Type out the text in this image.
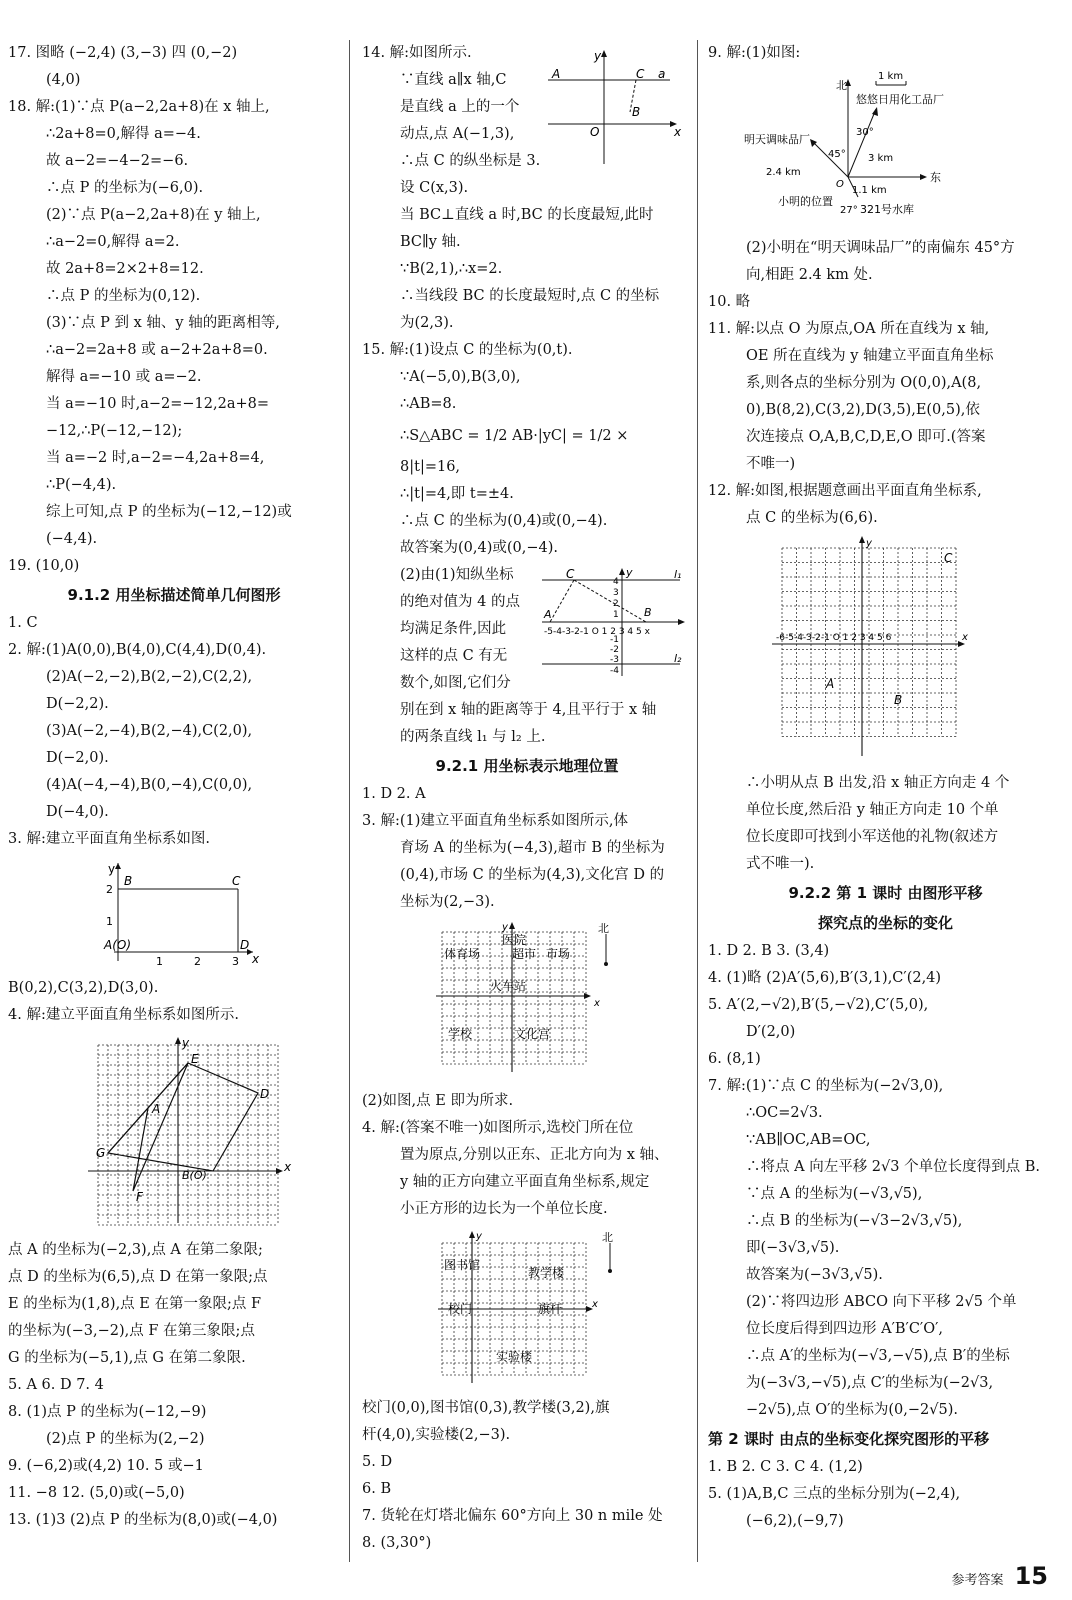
17. 图略 (−2,4) (3,−3) 四 (0,−2)
(4,0)
18. 解:(1)∵点 P(a−2,2a+8)在 x 轴上,
∴2a+8=0,解得 a=−4.
故 a−2=−4−2=−6.
∴点 P 的坐标为(−6,0).
(2)∵点 P(a−2,2a+8)在 y 轴上,
∴a−2=0,解得 a=2.
故 2a+8=2×2+8=12.
∴点 P 的坐标为(0,12).
(3)∵点 P 到 x 轴、y 轴的距离相等,
∴a−2=2a+8 或 a−2+2a+8=0.
解得 a=−10 或 a=−2.
当 a=−10 时,a−2=−12,2a+8=
−12,∴P(−12,−12);
当 a=−2 时,a−2=−4,2a+8=4,
∴P(−4,4).
综上可知,点 P 的坐标为(−12,−12)或
(−4,4).
19. (10,0)
9.1.2 用坐标描述简单几何图形
1. C
2. 解:(1)A(0,0),B(4,0),C(4,4),D(0,4).
(2)A(−2,−2),B(2,−2),C(2,2),
D(−2,2).
(3)A(−2,−4),B(2,−4),C(2,0),
D(−2,0).
(4)A(−4,−4),B(0,−4),C(0,0),
D(−4,0).
3. 解:建立平面直角坐标系如图.
y
B	C
2
1
A(O)	D
1	2	3 x
B(0,2),C(3,2),D(3,0).
4. 解:建立平面直角坐标系如图所示.
y
E
D
A
G
F
B(O)
x
点 A 的坐标为(−2,3),点 A 在第二象限;
点 D 的坐标为(6,5),点 D 在第一象限;点
E 的坐标为(1,8),点 E 在第一象限;点 F
的坐标为(−3,−2),点 F 在第三象限;点
G 的坐标为(−5,1),点 G 在第二象限.
5. A 6. D 7. 4
8. (1)点 P 的坐标为(−12,−9)
(2)点 P 的坐标为(2,−2)
9. (−6,2)或(4,2) 10. 5 或−1
11. −8 12. (5,0)或(−5,0)
13. (1)3 (2)点 P 的坐标为(8,0)或(−4,0)
y
A	C a
B
O	x
14. 解:如图所示.
∵直线 a∥x 轴,C
是直线 a 上的一个
动点,点 A(−1,3),
∴点 C 的纵坐标是 3.
设 C(x,3).
当 BC⊥直线 a 时,BC 的长度最短,此时
BC∥y 轴.
∵B(2,1),∴x=2.
∴当线段 BC 的长度最短时,点 C 的坐标
为(2,3).
15. 解:(1)设点 C 的坐标为(0,t).
∵A(−5,0),B(3,0),
∴AB=8.
∴S△ABC = 1/2 AB·|yC| = 1/2 ×
8|t|=16,
∴|t|=4,即 t=±4.
∴点 C 的坐标为(0,4)或(0,−4).
故答案为(0,4)或(0,−4).
C	y	l₁
l₂
B
A
-5-4-3-2-1 O 1 2 3 4 5 x
4
3
2
1
-1
-2
-3
-4
(2)由(1)知纵坐标
的绝对值为 4 的点
均满足条件,因此
这样的点 C 有无
数个,如图,它们分
别在到 x 轴的距离等于 4,且平行于 x 轴
的两条直线 l₁ 与 l₂ 上.
9.2.1 用坐标表示地理位置
1. D 2. A
3. 解:(1)建立平面直角坐标系如图所示,体
育场 A 的坐标为(−4,3),超市 B 的坐标为
(0,4),市场 C 的坐标为(4,3),文化宫 D 的
坐标为(2,−3).
y
x
北
体育场
医院
超市 市场
火车站
学校	文化宫
(2)如图,点 E 即为所求.
4. 解:(答案不唯一)如图所示,选校门所在位
置为原点,分别以正东、正北方向为 x 轴、
y 轴的正方向建立平面直角坐标系,规定
小正方形的边长为一个单位长度.
y
x
北
图书馆
教学楼
校门	旗杆
实验楼
校门(0,0),图书馆(0,3),教学楼(3,2),旗
杆(4,0),实验楼(2,−3).
5. D
6. B
7. 货轮在灯塔北偏东 60°方向上 30 n mile 处
8. (3,30°)
9. 解:(1)如图:
1 km
北
东
悠悠日用化工品厂
明天调味品厂
2.4 km
45°
30°
3 km
O
1.1 km
27° 321号水库
小明的位置
(2)小明在“明天调味品厂”的南偏东 45°方
向,相距 2.4 km 处.
10. 略
11. 解:以点 O 为原点,OA 所在直线为 x 轴,
OE 所在直线为 y 轴建立平面直角坐标
系,则各点的坐标分别为 O(0,0),A(8,
0),B(8,2),C(3,2),D(3,5),E(0,5),依
次连接点 O,A,B,C,D,E,O 即可.(答案
不唯一)
12. 解:如图,根据题意画出平面直角坐标系,
点 C 的坐标为(6,6).
y
x
C
A
B
-6-5-4-3-2-1 O 1 2 3 4 5 6
∴小明从点 B 出发,沿 x 轴正方向走 4 个
单位长度,然后沿 y 轴正方向走 10 个单
位长度即可找到小军送他的礼物(叙述方
式不唯一).
9.2.2 第 1 课时 由图形平移
探究点的坐标的变化
1. D 2. B 3. (3,4)
4. (1)略 (2)A′(5,6),B′(3,1),C′(2,4)
5. A′(2,−√2),B′(5,−√2),C′(5,0),
D′(2,0)
6. (8,1)
7. 解:(1)∵点 C 的坐标为(−2√3,0),
∴OC=2√3.
∵AB∥OC,AB=OC,
∴将点 A 向左平移 2√3 个单位长度得到点 B.
∵点 A 的坐标为(−√3,√5),
∴点 B 的坐标为(−√3−2√3,√5),
即(−3√3,√5).
故答案为(−3√3,√5).
(2)∵将四边形 ABCO 向下平移 2√5 个单
位长度后得到四边形 A′B′C′O′,
∴点 A′的坐标为(−√3,−√5),点 B′的坐标
为(−3√3,−√5),点 C′的坐标为(−2√3,
−2√5),点 O′的坐标为(0,−2√5).
第 2 课时 由点的坐标变化探究图形的平移
1. B 2. C 3. C 4. (1,2)
5. (1)A,B,C 三点的坐标分别为(−2,4),
(−6,2),(−9,7)
参考答案 15
